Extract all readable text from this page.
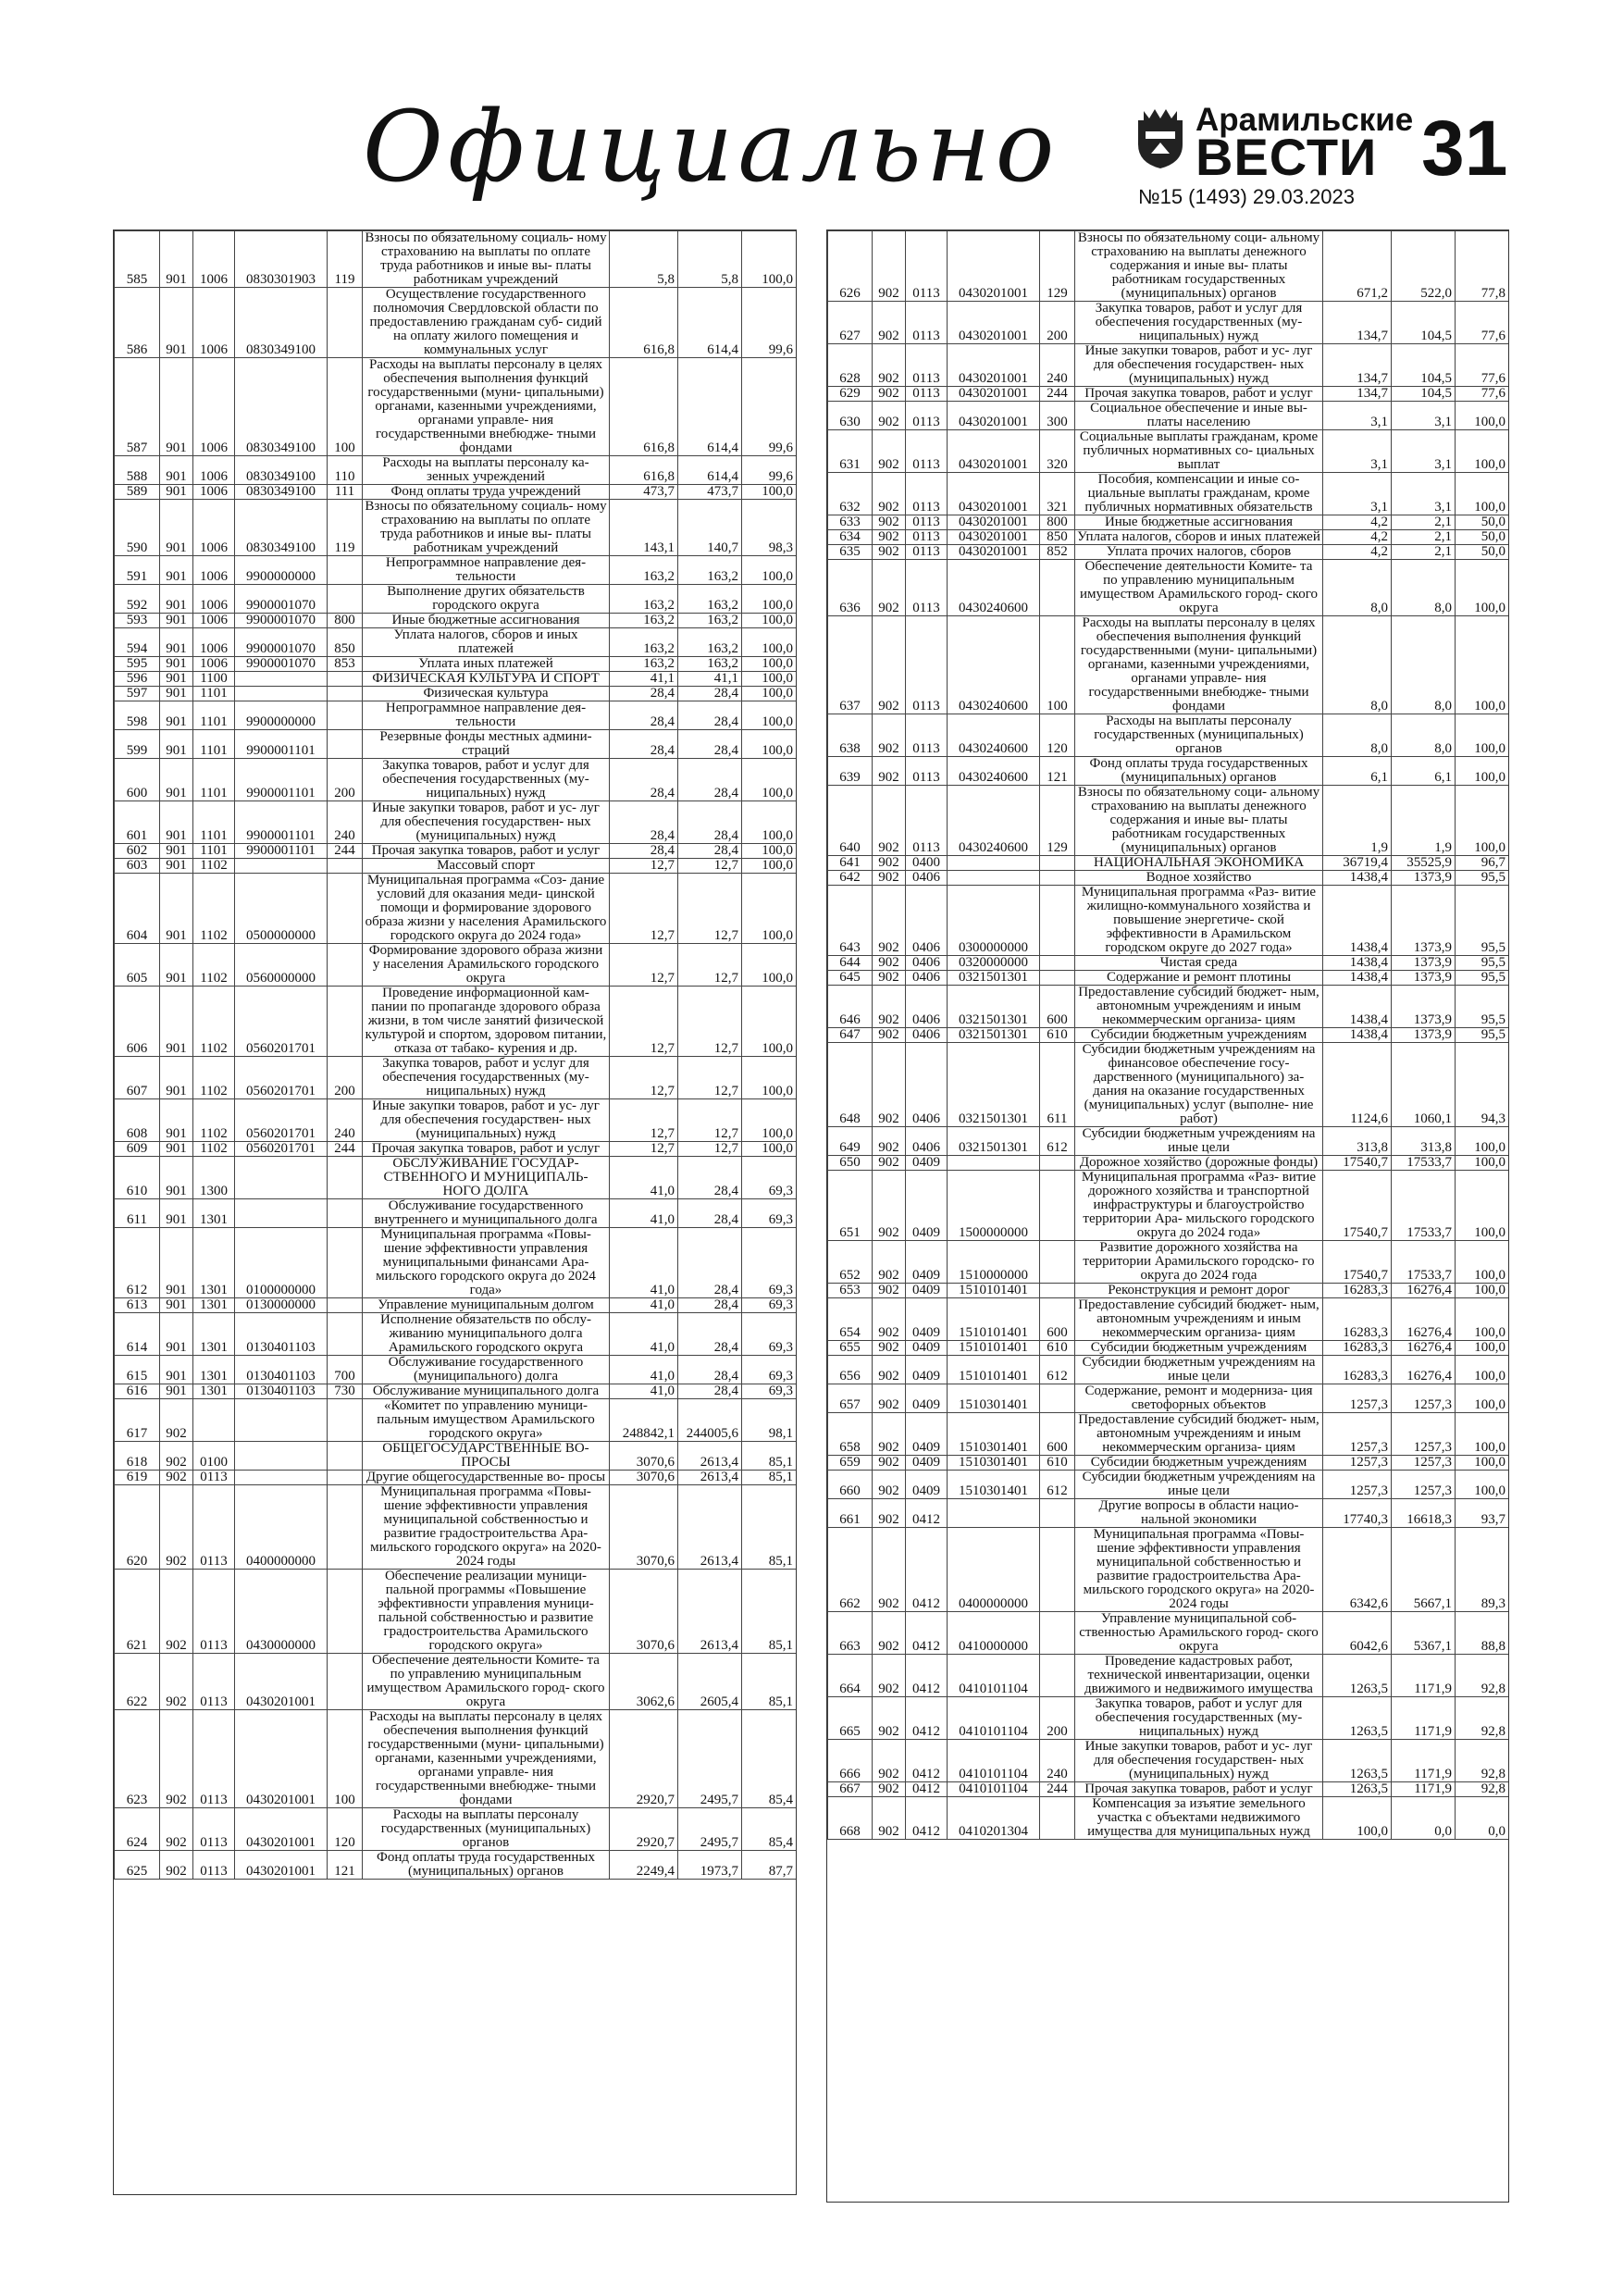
Официально	Арамильские
ВЕСТИ 31
№15 (1493) 29.03.2023
585	901	1006	0830301903	119	Взносы по обязательному социаль- ному страхованию на выплаты по оплате труда работников и иные вы- платы работникам учреждений	5,8	5,8	100,0
586	901	1006	0830349100		Осуществление государственного полномочия Свердловской области по предоставлению гражданам суб- сидий на оплату жилого помещения и коммунальных услуг	616,8	614,4	99,6
587	901	1006	0830349100	100	Расходы на выплаты персоналу в целях обеспечения выполнения функций государственными (муни- ципальными) органами, казенными учреждениями, органами управле- ния государственными внебюдже- тными фондами	616,8	614,4	99,6
588	901	1006	0830349100	110	Расходы на выплаты персоналу ка- зенных учреждений	616,8	614,4	99,6
589	901	1006	0830349100	111	Фонд оплаты труда учреждений	473,7	473,7	100,0
590	901	1006	0830349100	119	Взносы по обязательному социаль- ному страхованию на выплаты по оплате труда работников и иные вы- платы работникам учреждений	143,1	140,7	98,3
591	901	1006	9900000000		Непрограммное направление дея- тельности	163,2	163,2	100,0
592	901	1006	9900001070		Выполнение других обязательств городского округа	163,2	163,2	100,0
593	901	1006	9900001070	800	Иные бюджетные ассигнования	163,2	163,2	100,0
594	901	1006	9900001070	850	Уплата налогов, сборов и иных платежей	163,2	163,2	100,0
595	901	1006	9900001070	853	Уплата иных платежей	163,2	163,2	100,0
596	901	1100			ФИЗИЧЕСКАЯ КУЛЬТУРА И СПОРТ	41,1	41,1	100,0
597	901	1101			Физическая культура	28,4	28,4	100,0
598	901	1101	9900000000		Непрограммное направление дея- тельности	28,4	28,4	100,0
599	901	1101	9900001101		Резервные фонды местных админи- страций	28,4	28,4	100,0
600	901	1101	9900001101	200	Закупка товаров, работ и услуг для обеспечения государственных (му- ниципальных) нужд	28,4	28,4	100,0
601	901	1101	9900001101	240	Иные закупки товаров, работ и ус- луг для обеспечения государствен- ных (муниципальных) нужд	28,4	28,4	100,0
602	901	1101	9900001101	244	Прочая закупка товаров, работ и услуг	28,4	28,4	100,0
603	901	1102			Массовый спорт	12,7	12,7	100,0
604	901	1102	0500000000		Муниципальная программа «Соз- дание условий для оказания меди- цинской помощи и формирование здорового образа жизни у населения Арамильского городского округа до 2024 года»	12,7	12,7	100,0
605	901	1102	0560000000		Формирование здорового образа жизни у населения Арамильского городского округа	12,7	12,7	100,0
606	901	1102	0560201701		Проведение информационной кам- пании по пропаганде здорового образа жизни, в том числе занятий физической культурой и спортом, здоровом питании, отказа от табако- курения и др.	12,7	12,7	100,0
607	901	1102	0560201701	200	Закупка товаров, работ и услуг для обеспечения государственных (му- ниципальных) нужд	12,7	12,7	100,0
608	901	1102	0560201701	240	Иные закупки товаров, работ и ус- луг для обеспечения государствен- ных (муниципальных) нужд	12,7	12,7	100,0
609	901	1102	0560201701	244	Прочая закупка товаров, работ и услуг	12,7	12,7	100,0
610	901	1300			ОБСЛУЖИВАНИЕ ГОСУДАР- СТВЕННОГО И МУНИЦИПАЛЬ- НОГО ДОЛГА	41,0	28,4	69,3
611	901	1301			Обслуживание государственного внутреннего и муниципального долга	41,0	28,4	69,3
612	901	1301	0100000000		Муниципальная программа «Повы- шение эффективности управления муниципальными финансами Ара- мильского городского округа до 2024 года»	41,0	28,4	69,3
613	901	1301	0130000000		Управление муниципальным долгом	41,0	28,4	69,3
614	901	1301	0130401103		Исполнение обязательств по обслу- живанию муниципального долга Арамильского городского округа	41,0	28,4	69,3
615	901	1301	0130401103	700	Обслуживание государственного (муниципального) долга	41,0	28,4	69,3
616	901	1301	0130401103	730	Обслуживание муниципального долга	41,0	28,4	69,3
617	902				«Комитет по управлению муници- пальным имуществом Арамильского городского округа»	248842,1	244005,6	98,1
618	902	0100			ОБЩЕГОСУДАРСТВЕННЫЕ ВО- ПРОСЫ	3070,6	2613,4	85,1
619	902	0113			Другие общегосударственные во- просы	3070,6	2613,4	85,1
620	902	0113	0400000000		Муниципальная программа «Повы- шение эффективности управления муниципальной собственностью и развитие градостроительства Ара- мильского городского округа» на 2020-2024 годы	3070,6	2613,4	85,1
621	902	0113	0430000000		Обеспечение реализации муници- пальной программы «Повышение эффективности управления муници- пальной собственностью и развитие градостроительства Арамильского городского округа»	3070,6	2613,4	85,1
622	902	0113	0430201001		Обеспечение деятельности Комите- та по управлению муниципальным имуществом Арамильского город- ского округа	3062,6	2605,4	85,1
623	902	0113	0430201001	100	Расходы на выплаты персоналу в целях обеспечения выполнения функций государственными (муни- ципальными) органами, казенными учреждениями, органами управле- ния государственными внебюдже- тными фондами	2920,7	2495,7	85,4
624	902	0113	0430201001	120	Расходы на выплаты персоналу государственных (муниципальных) органов	2920,7	2495,7	85,4
625	902	0113	0430201001	121	Фонд оплаты труда государственных (муниципальных) органов	2249,4	1973,7	87,7
626	902	0113	0430201001	129	Взносы по обязательному соци- альному страхованию на выплаты денежного содержания и иные вы- платы работникам государственных (муниципальных) органов	671,2	522,0	77,8
627	902	0113	0430201001	200	Закупка товаров, работ и услуг для обеспечения государственных (му- ниципальных) нужд	134,7	104,5	77,6
628	902	0113	0430201001	240	Иные закупки товаров, работ и ус- луг для обеспечения государствен- ных (муниципальных) нужд	134,7	104,5	77,6
629	902	0113	0430201001	244	Прочая закупка товаров, работ и услуг	134,7	104,5	77,6
630	902	0113	0430201001	300	Социальное обеспечение и иные вы- платы населению	3,1	3,1	100,0
631	902	0113	0430201001	320	Социальные выплаты гражданам, кроме публичных нормативных со- циальных выплат	3,1	3,1	100,0
632	902	0113	0430201001	321	Пособия, компенсации и иные со- циальные выплаты гражданам, кроме публичных нормативных обязательств	3,1	3,1	100,0
633	902	0113	0430201001	800	Иные бюджетные ассигнования	4,2	2,1	50,0
634	902	0113	0430201001	850	Уплата налогов, сборов и иных платежей	4,2	2,1	50,0
635	902	0113	0430201001	852	Уплата прочих налогов, сборов	4,2	2,1	50,0
636	902	0113	0430240600		Обеспечение деятельности Комите- та по управлению муниципальным имуществом Арамильского город- ского округа	8,0	8,0	100,0
637	902	0113	0430240600	100	Расходы на выплаты персоналу в целях обеспечения выполнения функций государственными (муни- ципальными) органами, казенными учреждениями, органами управле- ния государственными внебюдже- тными фондами	8,0	8,0	100,0
638	902	0113	0430240600	120	Расходы на выплаты персоналу государственных (муниципальных) органов	8,0	8,0	100,0
639	902	0113	0430240600	121	Фонд оплаты труда государственных (муниципальных) органов	6,1	6,1	100,0
640	902	0113	0430240600	129	Взносы по обязательному соци- альному страхованию на выплаты денежного содержания и иные вы- платы работникам государственных (муниципальных) органов	1,9	1,9	100,0
641	902	0400			НАЦИОНАЛЬНАЯ ЭКОНОМИКА	36719,4	35525,9	96,7
642	902	0406			Водное хозяйство	1438,4	1373,9	95,5
643	902	0406	0300000000		Муниципальная программа «Раз- витие жилищно-коммунального хозяйства и повышение энергетиче- ской эффективности в Арамильском городском округе до 2027 года»	1438,4	1373,9	95,5
644	902	0406	0320000000		Чистая среда	1438,4	1373,9	95,5
645	902	0406	0321501301		Содержание и ремонт плотины	1438,4	1373,9	95,5
646	902	0406	0321501301	600	Предоставление субсидий бюджет- ным, автономным учреждениям и иным некоммерческим организа- циям	1438,4	1373,9	95,5
647	902	0406	0321501301	610	Субсидии бюджетным учреждениям	1438,4	1373,9	95,5
648	902	0406	0321501301	611	Субсидии бюджетным учреждениям на финансовое обеспечение госу- дарственного (муниципального) за- дания на оказание государственных (муниципальных) услуг (выполне- ние работ)	1124,6	1060,1	94,3
649	902	0406	0321501301	612	Субсидии бюджетным учреждениям на иные цели	313,8	313,8	100,0
650	902	0409			Дорожное хозяйство (дорожные фонды)	17540,7	17533,7	100,0
651	902	0409	1500000000		Муниципальная программа «Раз- витие дорожного хозяйства и транспортной инфраструктуры и благоустройство территории Ара- мильского городского округа до 2024 года»	17540,7	17533,7	100,0
652	902	0409	1510000000		Развитие дорожного хозяйства на территории Арамильского городско- го округа до 2024 года	17540,7	17533,7	100,0
653	902	0409	1510101401		Реконструкция и ремонт дорог	16283,3	16276,4	100,0
654	902	0409	1510101401	600	Предоставление субсидий бюджет- ным, автономным учреждениям и иным некоммерческим организа- циям	16283,3	16276,4	100,0
655	902	0409	1510101401	610	Субсидии бюджетным учреждениям	16283,3	16276,4	100,0
656	902	0409	1510101401	612	Субсидии бюджетным учреждениям на иные цели	16283,3	16276,4	100,0
657	902	0409	1510301401		Содержание, ремонт и модерниза- ция светофорных объектов	1257,3	1257,3	100,0
658	902	0409	1510301401	600	Предоставление субсидий бюджет- ным, автономным учреждениям и иным некоммерческим организа- циям	1257,3	1257,3	100,0
659	902	0409	1510301401	610	Субсидии бюджетным учреждениям	1257,3	1257,3	100,0
660	902	0409	1510301401	612	Субсидии бюджетным учреждениям на иные цели	1257,3	1257,3	100,0
661	902	0412			Другие вопросы в области нацио- нальной экономики	17740,3	16618,3	93,7
662	902	0412	0400000000		Муниципальная программа «Повы- шение эффективности управления муниципальной собственностью и развитие градостроительства Ара- мильского городского округа» на 2020-2024 годы	6342,6	5667,1	89,3
663	902	0412	0410000000		Управление муниципальной соб- ственностью Арамильского город- ского округа	6042,6	5367,1	88,8
664	902	0412	0410101104		Проведение кадастровых работ, технической инвентаризации, оценки движимого и недвижимого имущества	1263,5	1171,9	92,8
665	902	0412	0410101104	200	Закупка товаров, работ и услуг для обеспечения государственных (му- ниципальных) нужд	1263,5	1171,9	92,8
666	902	0412	0410101104	240	Иные закупки товаров, работ и ус- луг для обеспечения государствен- ных (муниципальных) нужд	1263,5	1171,9	92,8
667	902	0412	0410101104	244	Прочая закупка товаров, работ и услуг	1263,5	1171,9	92,8
668	902	0412	0410201304		Компенсация за изъятие земельного участка с объектами недвижимого имущества для муниципальных нужд	100,0	0,0	0,0
